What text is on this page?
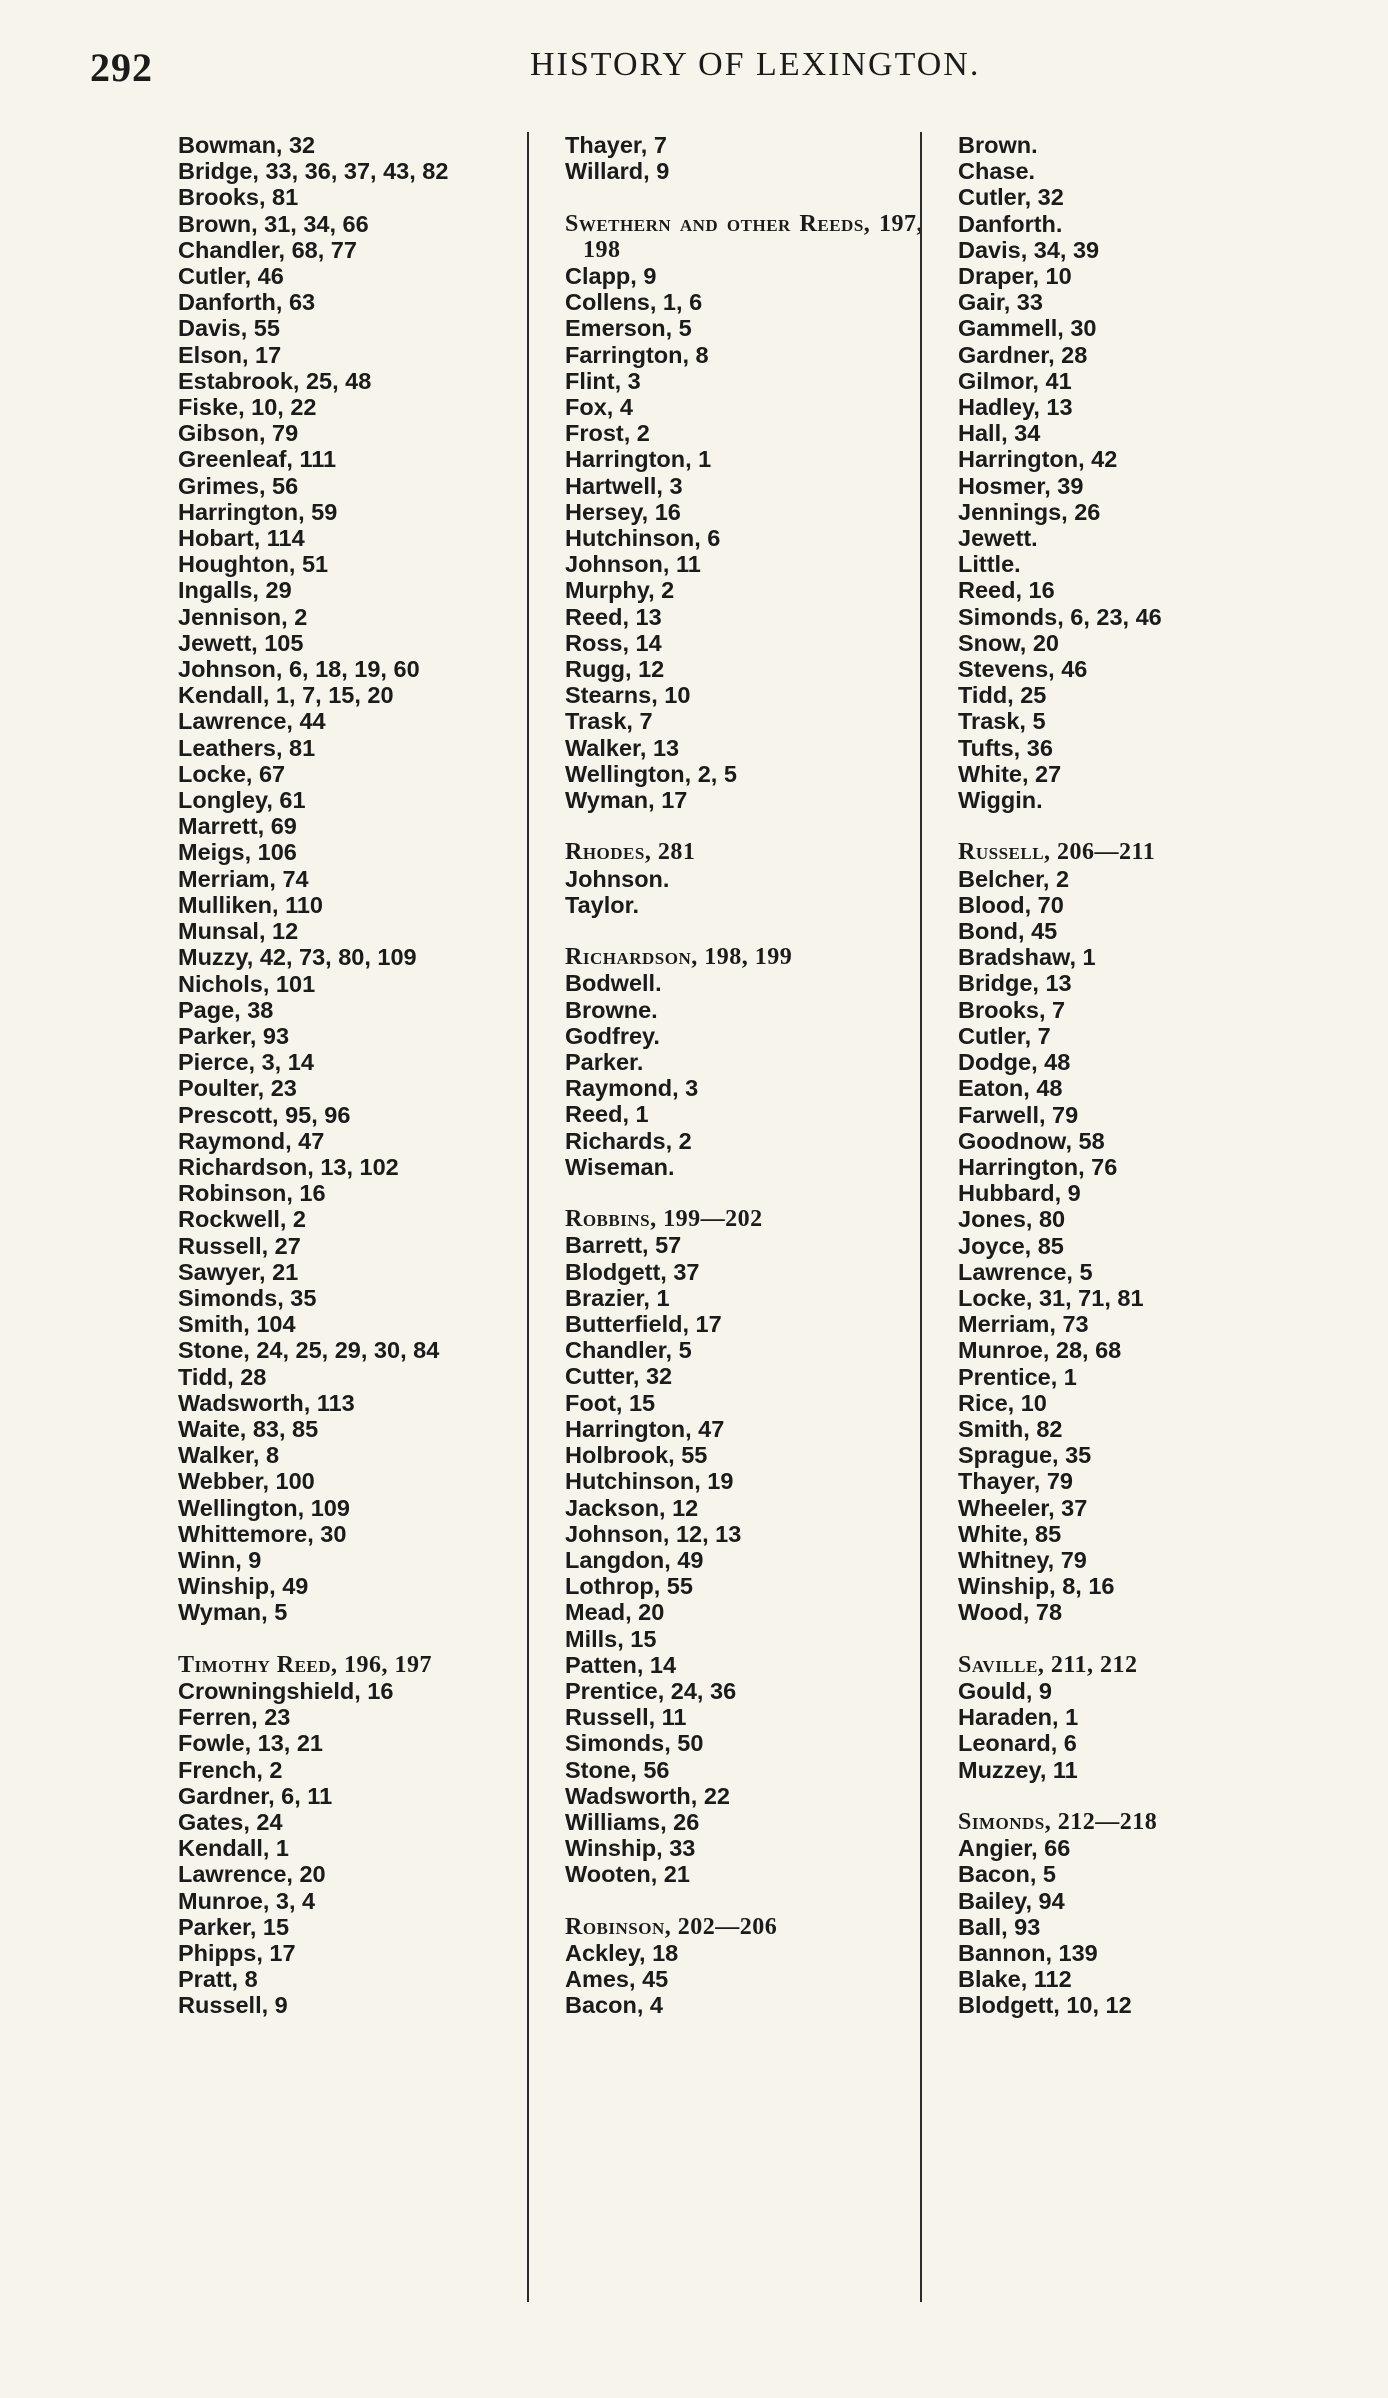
292	HISTORY OF LEXINGTON.
Bowman, 32
Bridge, 33, 36, 37, 43, 82
Brooks, 81
Brown, 31, 34, 66
Chandler, 68, 77
Cutler, 46
Danforth, 63
Davis, 55
Elson, 17
Estabrook, 25, 48
Fiske, 10, 22
Gibson, 79
Greenleaf, 111
Grimes, 56
Harrington, 59
Hobart, 114
Houghton, 51
Ingalls, 29
Jennison, 2
Jewett, 105
Johnson, 6, 18, 19, 60
Kendall, 1, 7, 15, 20
Lawrence, 44
Leathers, 81
Locke, 67
Longley, 61
Marrett, 69
Meigs, 106
Merriam, 74
Mulliken, 110
Munsal, 12
Muzzy, 42, 73, 80, 109
Nichols, 101
Page, 38
Parker, 93
Pierce, 3, 14
Poulter, 23
Prescott, 95, 96
Raymond, 47
Richardson, 13, 102
Robinson, 16
Rockwell, 2
Russell, 27
Sawyer, 21
Simonds, 35
Smith, 104
Stone, 24, 25, 29, 30, 84
Tidd, 28
Wadsworth, 113
Waite, 83, 85
Walker, 8
Webber, 100
Wellington, 109
Whittemore, 30
Winn, 9
Winship, 49
Wyman, 5
Timothy Reed, 196, 197
Crowningshield, 16
Ferren, 23
Fowle, 13, 21
French, 2
Gardner, 6, 11
Gates, 24
Kendall, 1
Lawrence, 20
Munroe, 3, 4
Parker, 15
Phipps, 17
Pratt, 8
Russell, 9
Thayer, 7
Willard, 9
Swethern and other Reeds, 197, 198
Clapp, 9
Collens, 1, 6
Emerson, 5
Farrington, 8
Flint, 3
Fox, 4
Frost, 2
Harrington, 1
Hartwell, 3
Hersey, 16
Hutchinson, 6
Johnson, 11
Murphy, 2
Reed, 13
Ross, 14
Rugg, 12
Stearns, 10
Trask, 7
Walker, 13
Wellington, 2, 5
Wyman, 17
Rhodes, 281
Johnson.
Taylor.
Richardson, 198, 199
Bodwell.
Browne.
Godfrey.
Parker.
Raymond, 3
Reed, 1
Richards, 2
Wiseman.
Robbins, 199—202
Barrett, 57
Blodgett, 37
Brazier, 1
Butterfield, 17
Chandler, 5
Cutter, 32
Foot, 15
Harrington, 47
Holbrook, 55
Hutchinson, 19
Jackson, 12
Johnson, 12, 13
Langdon, 49
Lothrop, 55
Mead, 20
Mills, 15
Patten, 14
Prentice, 24, 36
Russell, 11
Simonds, 50
Stone, 56
Wadsworth, 22
Williams, 26
Winship, 33
Wooten, 21
Robinson, 202—206
Ackley, 18
Ames, 45
Bacon, 4
Brown.
Chase.
Cutler, 32
Danforth.
Davis, 34, 39
Draper, 10
Gair, 33
Gammell, 30
Gardner, 28
Gilmor, 41
Hadley, 13
Hall, 34
Harrington, 42
Hosmer, 39
Jennings, 26
Jewett.
Little.
Reed, 16
Simonds, 6, 23, 46
Snow, 20
Stevens, 46
Tidd, 25
Trask, 5
Tufts, 36
White, 27
Wiggin.
Russell, 206—211
Belcher, 2
Blood, 70
Bond, 45
Bradshaw, 1
Bridge, 13
Brooks, 7
Cutler, 7
Dodge, 48
Eaton, 48
Farwell, 79
Goodnow, 58
Harrington, 76
Hubbard, 9
Jones, 80
Joyce, 85
Lawrence, 5
Locke, 31, 71, 81
Merriam, 73
Munroe, 28, 68
Prentice, 1
Rice, 10
Smith, 82
Sprague, 35
Thayer, 79
Wheeler, 37
White, 85
Whitney, 79
Winship, 8, 16
Wood, 78
Saville, 211, 212
Gould, 9
Haraden, 1
Leonard, 6
Muzzey, 11
Simonds, 212—218
Angier, 66
Bacon, 5
Bailey, 94
Ball, 93
Bannon, 139
Blake, 112
Blodgett, 10, 12
